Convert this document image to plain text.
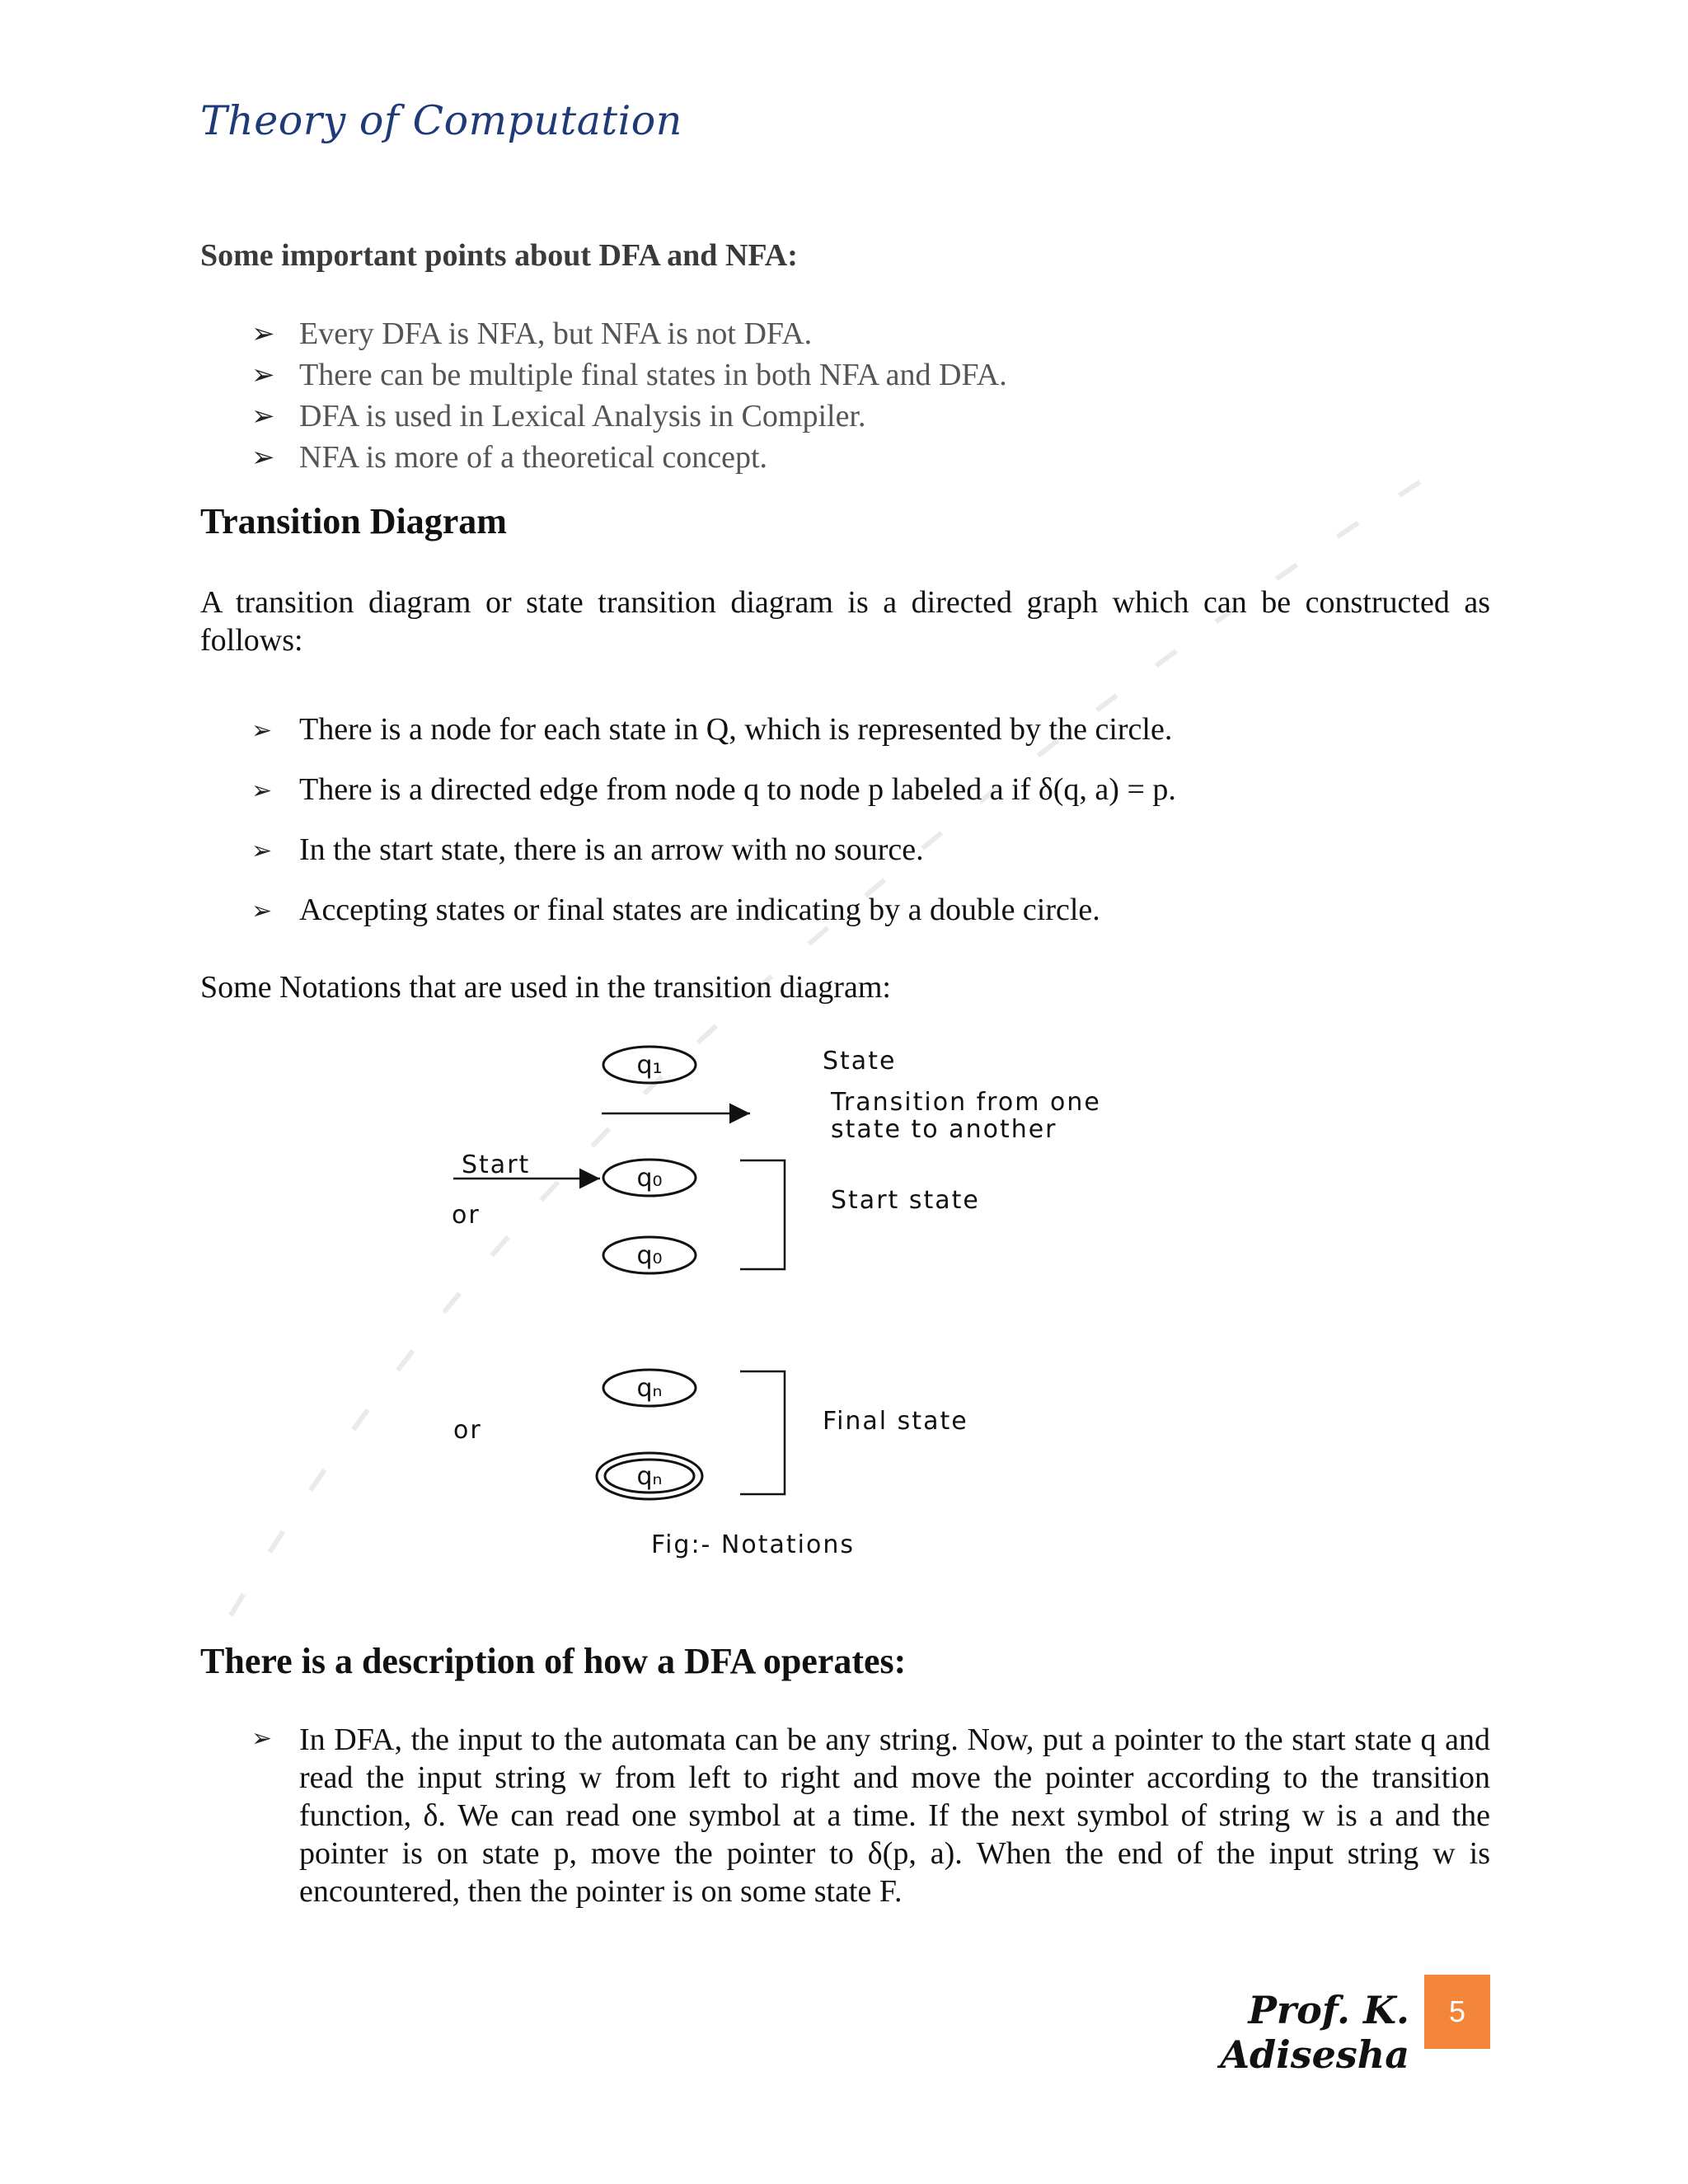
Theory of Computation
Some important points about DFA and NFA:
➢ Every DFA is NFA, but NFA is not DFA.
➢ There can be multiple final states in both NFA and DFA.
➢ DFA is used in Lexical Analysis in Compiler.
➢ NFA is more of a theoretical concept.
Transition Diagram
A transition diagram or state transition diagram is a directed graph which can be constructed as follows:
➢ There is a node for each state in Q, which is represented by the circle.
➢ There is a directed edge from node q to node p labeled a if δ(q, a) = p.
➢ In the start state, there is an arrow with no source.
➢ Accepting states or final states are indicating by a double circle.
Some Notations that are used in the transition diagram:
q₁	State
Transition from one
state to another
Start	q₀
or
q₀
Start state
qₙ
or
qₙ
Final state
Fig:- Notations
There is a description of how a DFA operates:
➢ In DFA, the input to the automata can be any string. Now, put a pointer to the start state q and read the input string w from left to right and move the pointer according to the transition function, δ. We can read one symbol at a time. If the next symbol of string w is a and the pointer is on state p, move the pointer to δ(p, a). When the end of the input string w is encountered, then the pointer is on some state F.
Prof. K. Adisesha
5
